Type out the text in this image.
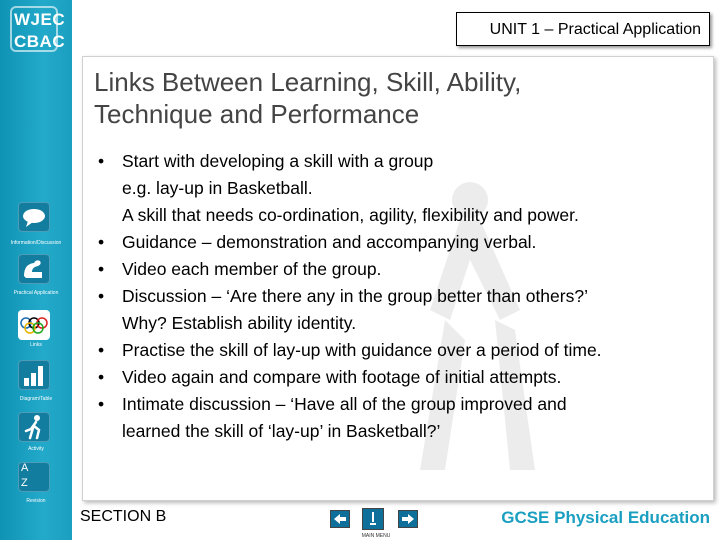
WJEC
CBAC
Information/Discussion
Practical Application
Links
Diagram/Table
Activity
A
Z
Revision
UNIT 1 – Practical Application
Links Between Learning, Skill, Ability,
Technique and Performance
•	Start with developing a skill with a group
e.g. lay-up in Basketball.
A skill that needs co-ordination, agility, flexibility and power.
•	Guidance – demonstration and accompanying verbal.
•	Video each member of the group.
•	Discussion – ‘Are there any in the group better than others?’
Why? Establish ability identity.
•	Practise the skill of lay-up with guidance over a period of time.
•	Video again and compare with footage of initial attempts.
•	Intimate discussion – ‘Have all of the group improved and
learned the skill of ‘lay-up’ in Basketball?’
SECTION B
MAIN MENU
GCSE Physical Education
